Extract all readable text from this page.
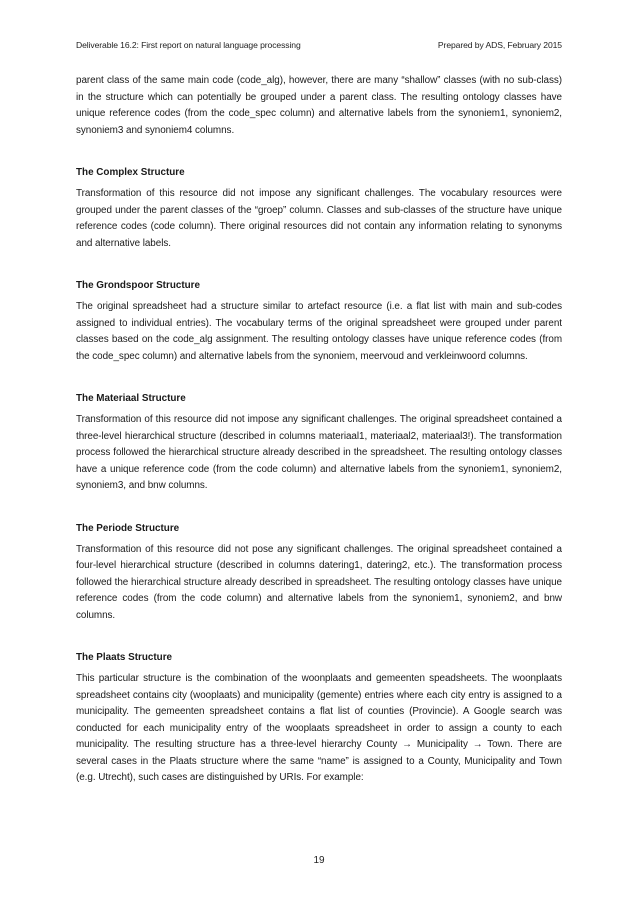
Deliverable 16.2: First report on natural language processing	Prepared by ADS, February 2015

parent class of the same main code (code_alg), however, there are many “shallow” classes (with no sub-class) in the structure which can potentially be grouped under a parent class. The resulting ontology classes have unique reference codes (from the code_spec column) and alternative labels from the synoniem1, synoniem2, synoniem3 and synoniem4 columns.

The Complex Structure

Transformation of this resource did not impose any significant challenges. The vocabulary resources were grouped under the parent classes of the “groep” column. Classes and sub-classes of the structure have unique reference codes (code column). There original resources did not contain any information relating to synonyms and alternative labels.

The Grondspoor Structure

The original spreadsheet had a structure similar to artefact resource (i.e. a flat list with main and sub-codes assigned to individual entries). The vocabulary terms of the original spreadsheet were grouped under parent classes based on the code_alg assignment. The resulting ontology classes have unique reference codes (from the code_spec column) and alternative labels from the synoniem, meervoud and verkleinwoord columns.

The Materiaal Structure

Transformation of this resource did not impose any significant challenges. The original spreadsheet contained a three-level hierarchical structure (described in columns materiaal1, materiaal2, materiaal3!). The transformation process followed the hierarchical structure already described in the spreadsheet. The resulting ontology classes have a unique reference code (from the code column) and alternative labels from the synoniem1, synoniem2, synoniem3, and bnw columns.

The Periode Structure

Transformation of this resource did not pose any significant challenges. The original spreadsheet contained a four-level hierarchical structure (described in columns datering1, datering2, etc.). The transformation process followed the hierarchical structure already described in spreadsheet. The resulting ontology classes have unique reference codes (from the code column) and alternative labels from the synoniem1, synoniem2, and bnw columns.

The Plaats Structure

This particular structure is the combination of the woonplaats and gemeenten speadsheets. The woonplaats spreadsheet contains city (wooplaats) and municipality (gemente) entries where each city entry is assigned to a municipality. The gemeenten spreadsheet contains a flat list of counties (Provincie). A Google search was conducted for each municipality entry of the wooplaats spreadsheet in order to assign a county to each municipality. The resulting structure has a three-level hierarchy County → Municipality → Town. There are several cases in the Plaats structure where the same “name” is assigned to a County, Municipality and Town (e.g. Utrecht), such cases are distinguished by URIs. For example:

19
